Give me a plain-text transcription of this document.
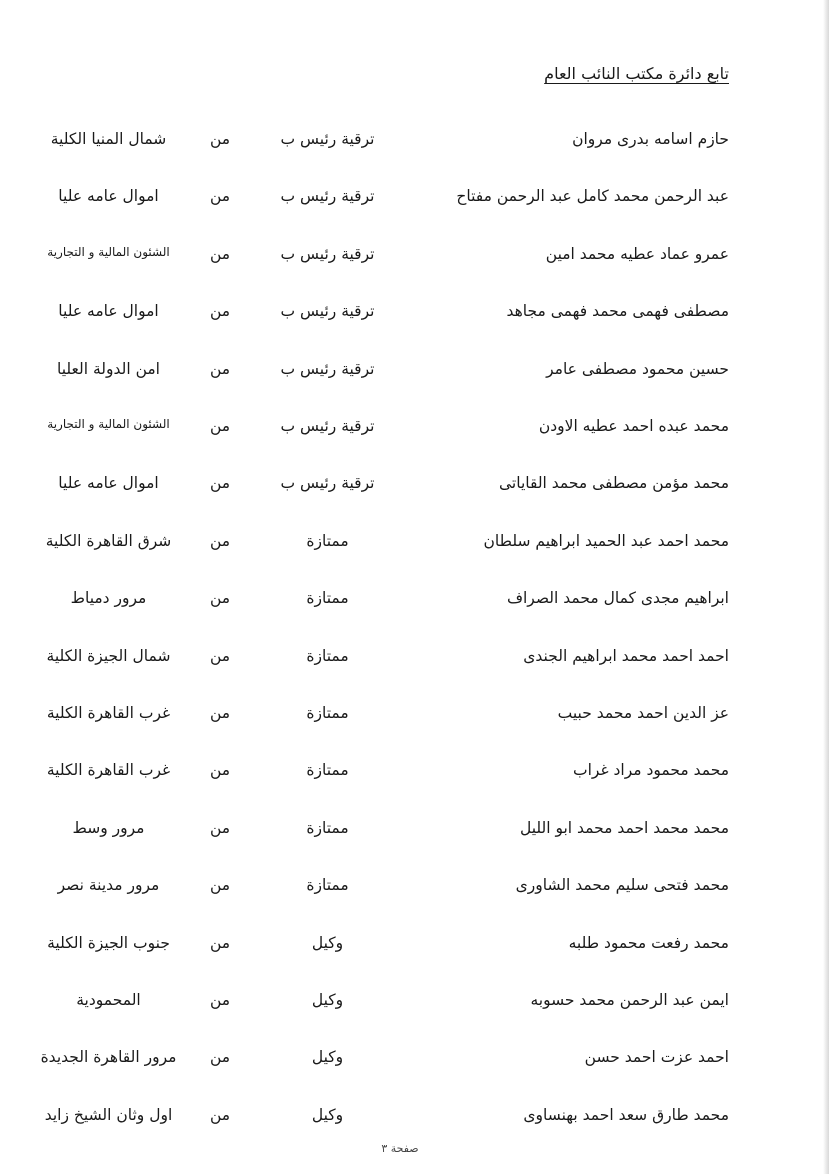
تابع دائرة مكتب النائب العام
حازم اسامه بدرى مروان
ترقية رئيس ب
من
شمال المنيا الكلية
عبد الرحمن محمد كامل عبد الرحمن مفتاح
ترقية رئيس ب
من
اموال عامه عليا
عمرو عماد عطيه محمد امين
ترقية رئيس ب
من
الشئون المالية و التجارية
مصطفى فهمى محمد فهمى مجاهد
ترقية رئيس ب
من
اموال عامه عليا
حسين محمود مصطفى عامر
ترقية رئيس ب
من
امن الدولة العليا
محمد عبده احمد عطيه الاودن
ترقية رئيس ب
من
الشئون المالية و التجارية
محمد مؤمن مصطفى محمد القاياتى
ترقية رئيس ب
من
اموال عامه عليا
محمد احمد عبد الحميد ابراهيم سلطان
ممتازة
من
شرق القاهرة الكلية
ابراهيم مجدى كمال محمد الصراف
ممتازة
من
مرور دمياط
احمد احمد محمد ابراهيم الجندى
ممتازة
من
شمال الجيزة الكلية
عز الدين احمد محمد حبيب
ممتازة
من
غرب القاهرة الكلية
محمد محمود مراد غراب
ممتازة
من
غرب القاهرة الكلية
محمد محمد احمد محمد ابو الليل
ممتازة
من
مرور وسط
محمد فتحى سليم محمد الشاورى
ممتازة
من
مرور مدينة نصر
محمد رفعت محمود طلبه
وكيل
من
جنوب الجيزة الكلية
ايمن عبد الرحمن محمد حسوبه
وكيل
من
المحمودية
احمد عزت احمد حسن
وكيل
من
مرور القاهرة الجديدة
محمد طارق سعد احمد بهنساوى
وكيل
من
اول وثان الشيخ زايد
صفحة ٣
